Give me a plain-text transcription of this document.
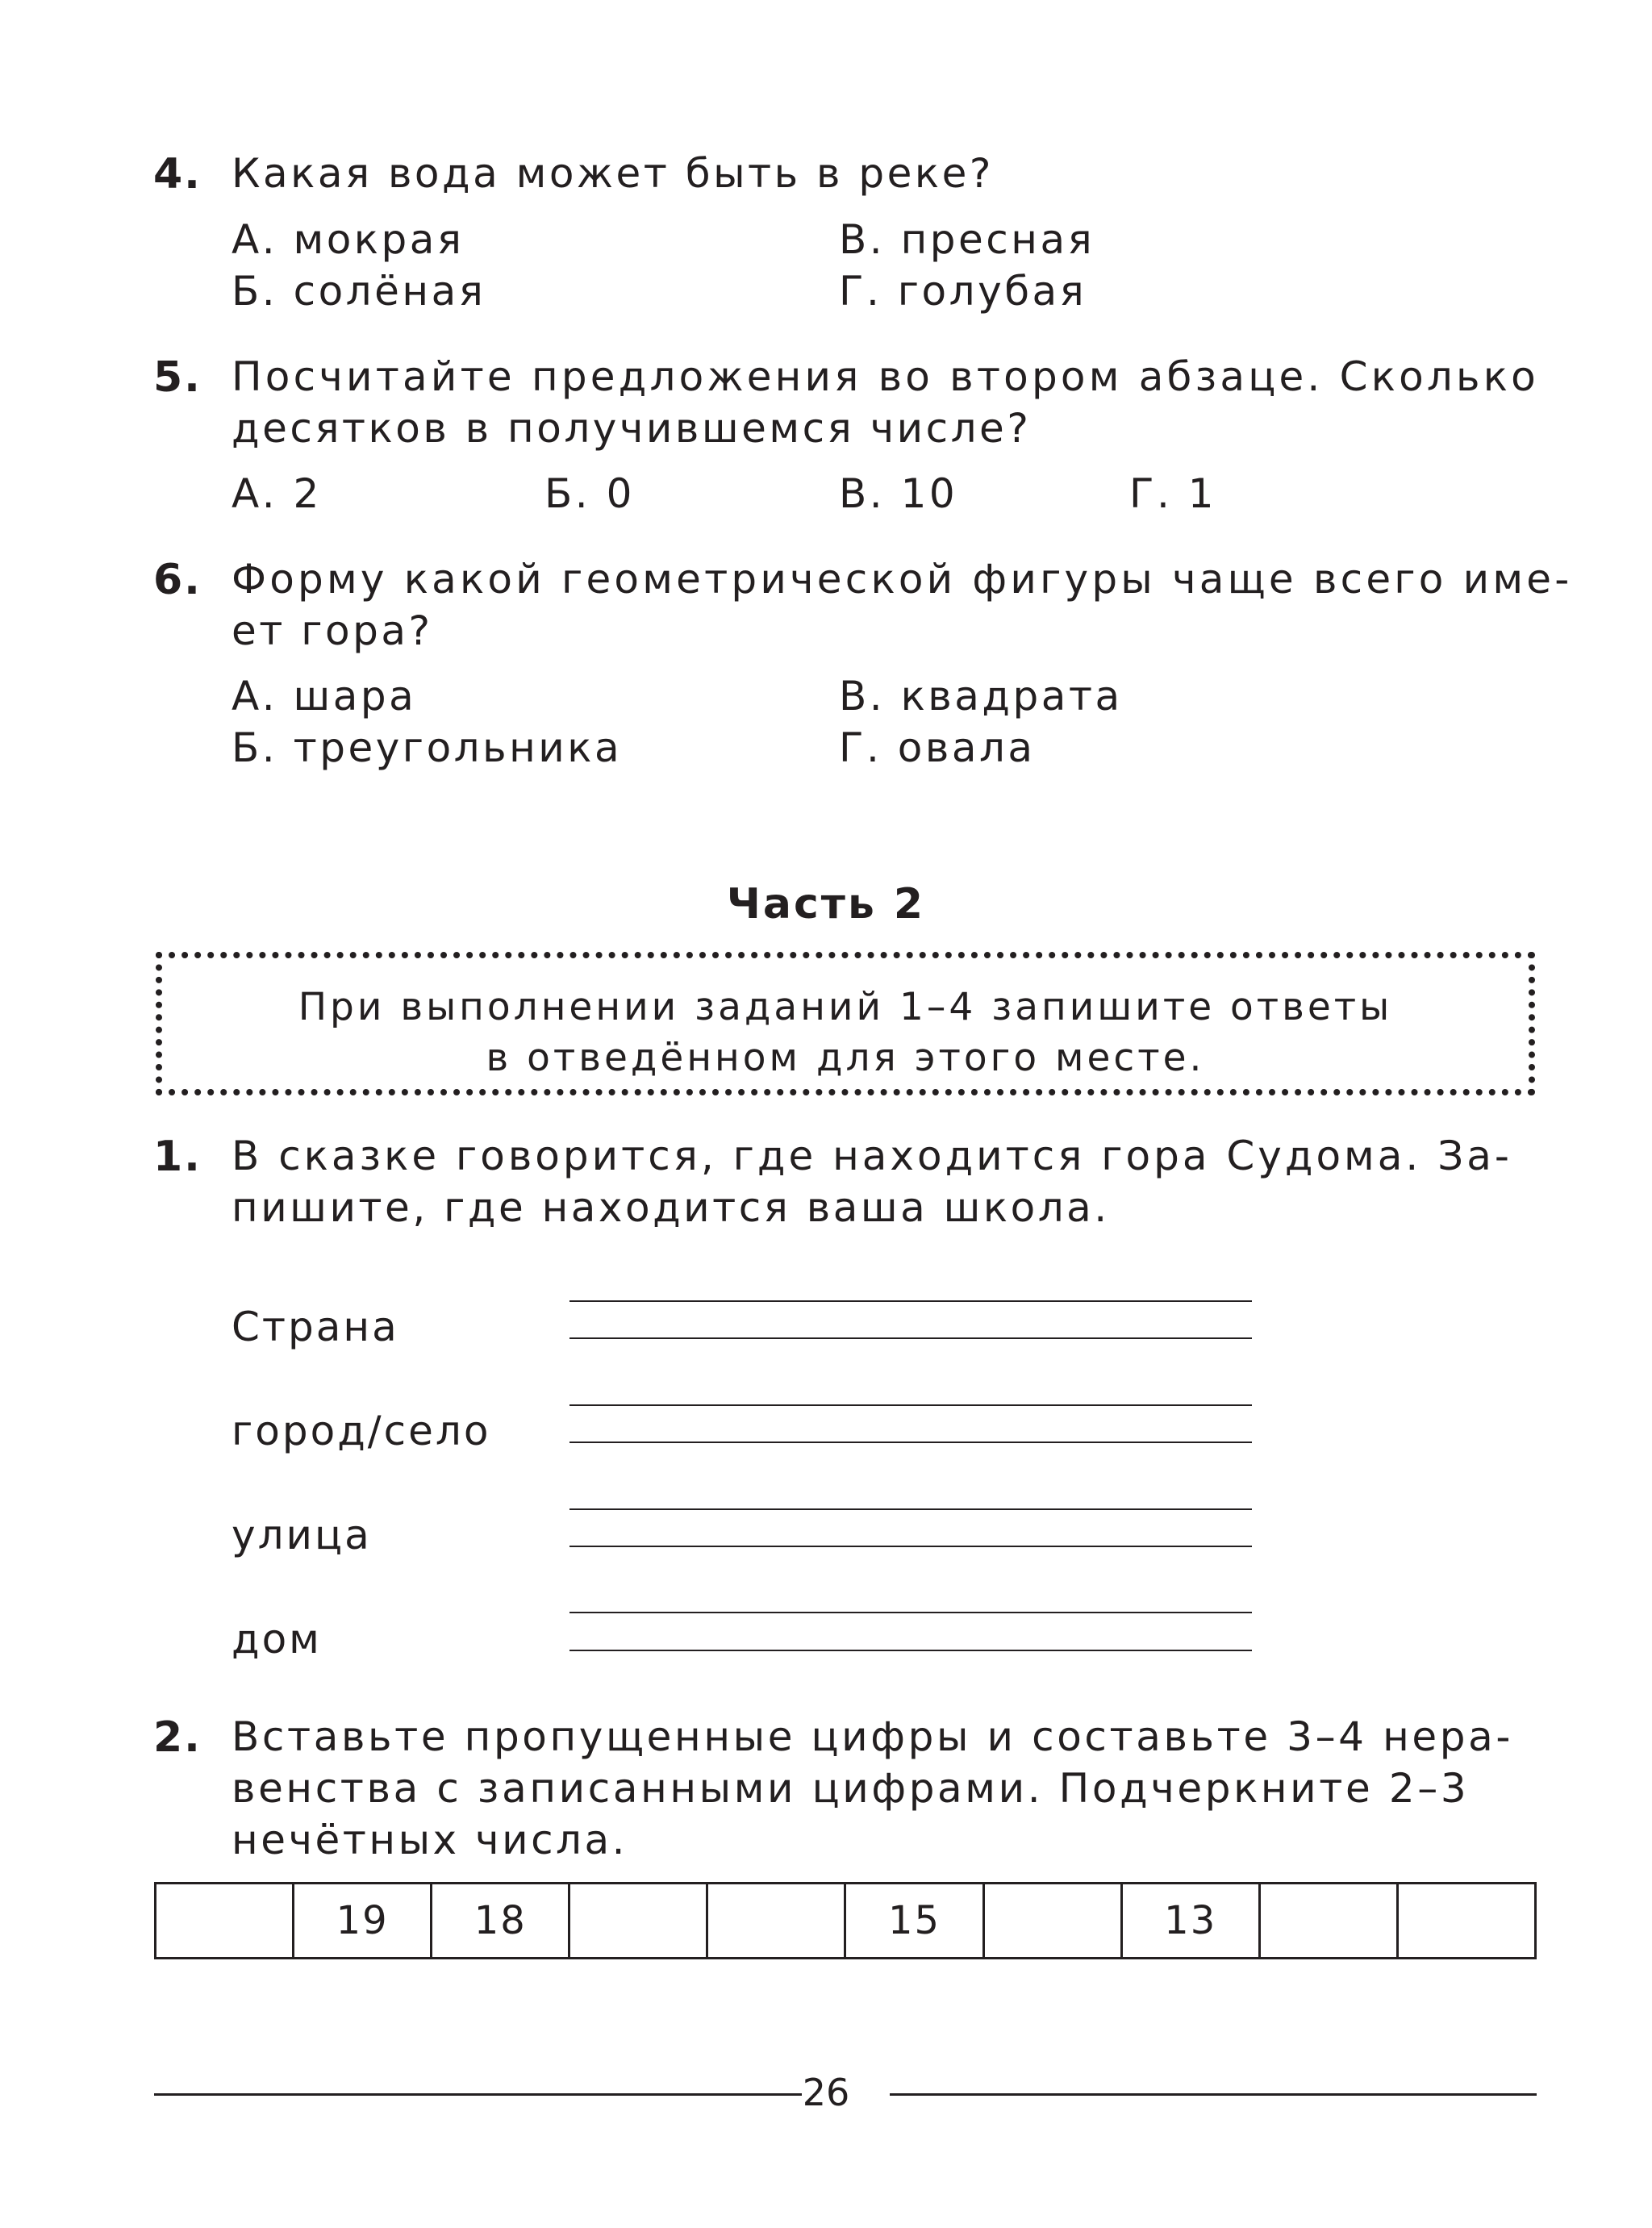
4. Какая вода может быть в реке?
А. мокрая	В. пресная
Б. солёная	Г. голубая
5. Посчитайте предложения во втором абзаце. Сколько
десятков в получившемся числе?
А. 2	Б. 0	В. 10	Г. 1
6. Форму какой геометрической фигуры чаще всего име-
ет гора?
А. шара	В. квадрата
Б. треугольника	Г. овала
Часть 2
При выполнении заданий 1–4 запишите ответы
в отведённом для этого месте.
1. В сказке говорится, где находится гора Судома. За-
пишите, где находится ваша школа.
Страна
город/село
улица
дом
2. Вставьте пропущенные цифры и составьте 3–4 нера-
венства с записанными цифрами. Подчеркните 2–3
нечётных числа.
	19	18			15		13		
26
